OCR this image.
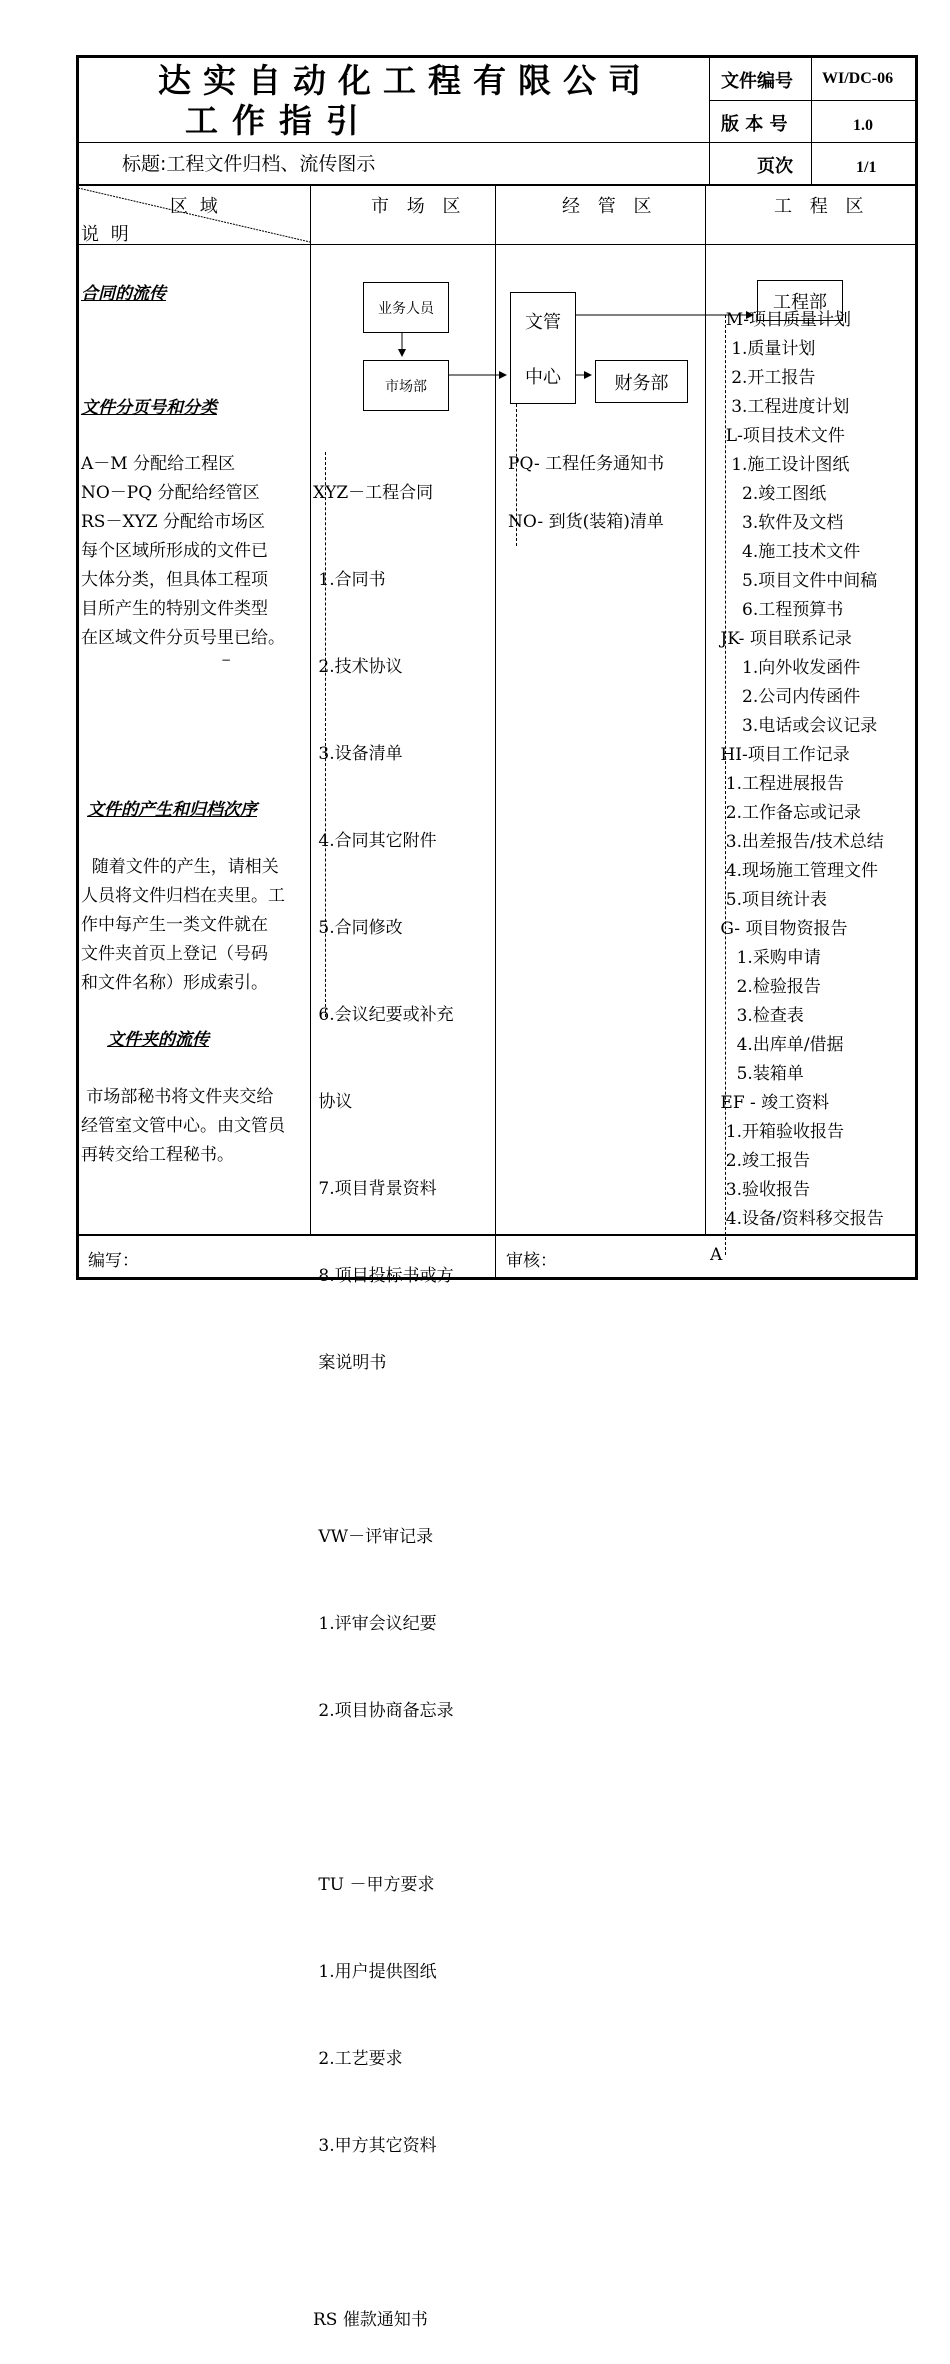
达实自动化工程有限公司
工作指引
文件编号 WI/DC-06
版 本 号	1.0
页次	1/1
标题:工程文件归档、流传图示
区 域
说 明
市 场 区	经 管 区	工 程 区
合同的流传
文件分页号和分类
A－M 分配给工程区
NO－PQ 分配给经管区
RS－XYZ 分配给市场区
每个区域所形成的文件已
大体分类，但具体工程项
目所产生的特别文件类型
在区域文件分页号里已给。
−
文件的产生和归档次序
随着文件的产生，请相关
人员将文件归档在夹里。工
作中每产生一类文件就在
文件夹首页上登记（号码
和文件名称）形成索引。
文件夹的流传
市场部秘书将文件夹交给
经管室文管中心。由文管员
再转交给工程秘书。
业务人员
市场部
文管
中心	财务部
工程部

XYZ－工程合同

1.合同书

2.技术协议

3.设备清单

4.合同其它附件

5.合同修改

6.会议纪要或补充

协议

7.项目背景资料

8.项目投标书或方

案说明书

VW－评审记录

1.评审会议纪要

2.项目协商备忘录

TU －甲方要求

1.用户提供图纸

2.工艺要求

3.甲方其它资料

RS 催款通知书

PQ- 工程任务通知书
NO- 到货(装箱)清单
M-项目质量计划
1.质量计划
2.开工报告
3.工程进度计划
L-项目技术文件
1.施工设计图纸
2.竣工图纸
3.软件及文档
4.施工技术文件
5.项目文件中间稿
6.工程预算书
JK- 项目联系记录
1.向外收发函件
2.公司内传函件
3.电话或会议记录
HI-项目工作记录
1.工程进展报告
2.工作备忘或记录
3.出差报告/技术总结
4.现场施工管理文件
5.项目统计表
G- 项目物资报告
1.采购申请
2.检验报告
3.检查表
4.出库单/借据
5.装箱单
EF - 竣工资料
1.开箱验收报告
2.竣工报告
3.验收报告
4.设备/资料移交报告
编写：	审核：	A
